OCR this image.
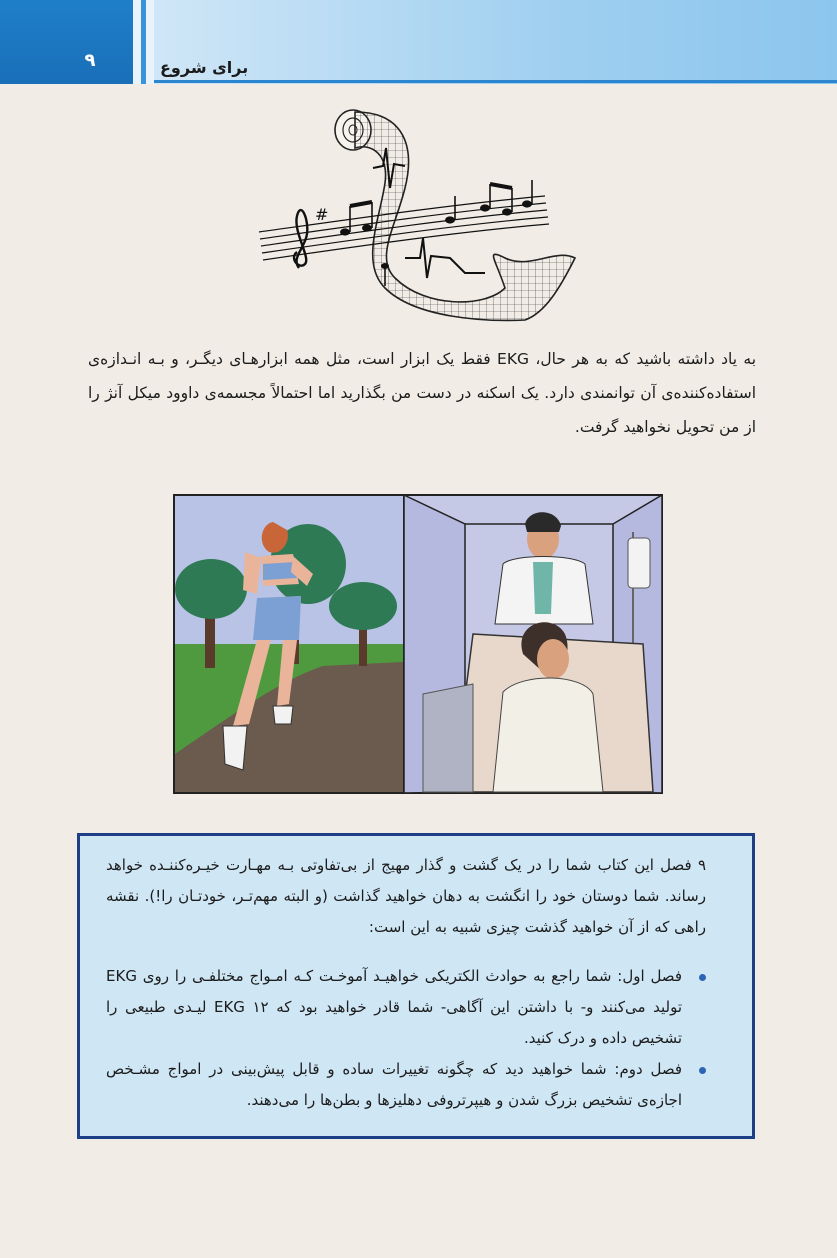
۹	برای شروع
#
به یاد داشته باشید که به هر حال، EKG فقط یک ابزار است، مثل همه ابزارهـای دیگـر، و بـه انـدازه‌ی استفاده‌کننده‌ی آن توانمندی دارد. یک اسکنه در دست من بگذارید اما احتمالاً مجسمه‌ی داوود میکل آنژ را از من تحویل نخواهید گرفت.

۹ فصل این کتاب شما را در یک گشت و گذار مهیج از بی‌تفاوتی بـه مهـارت خیـره‌کننـده خواهد رساند. شما دوستان خود را انگشت به دهان خواهید گذاشت (و البته مهم‌تـر، خودتـان را!). نقشه راهی که از آن خواهید گذشت چیزی شبیه به این است:

فصل اول: شما راجع به حوادث الکتریکی خواهیـد آموخـت کـه امـواج مختلفـی را روی EKG تولید می‌کنند و- با داشتن این آگاهی- شما قادر خواهید بود که EKG ۱۲ لیـدی طبیعی را تشخیص داده و درک کنید.
فصل دوم: شما خواهید دید که چگونه تغییرات ساده و قابل پیش‌بینی در امواج مشـخص اجازه‌ی تشخیص بزرگ شدن و هیپرتروفی دهلیزها و بطن‌ها را می‌دهند.
